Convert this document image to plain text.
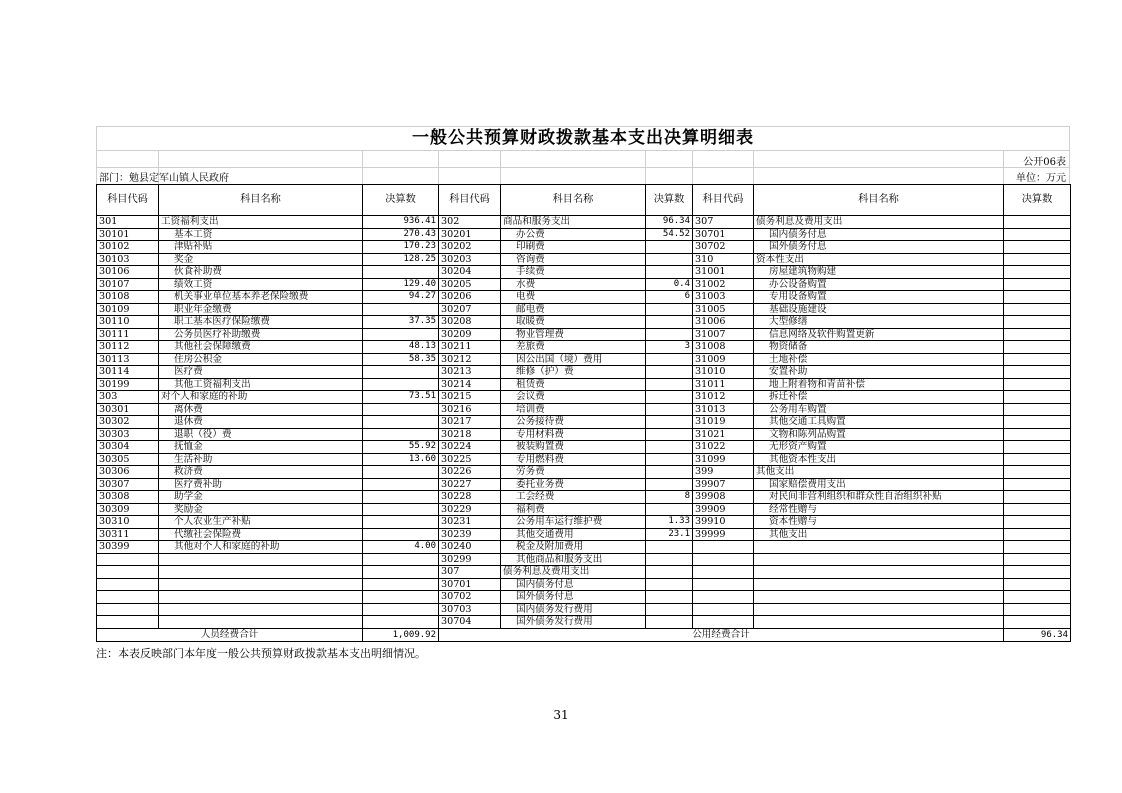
一般公共预算财政拨款基本支出决算明细表
公开06表
部门：勉县定军山镇人民政府	单位：万元
科目代码	科目名称	决算数	科目代码	科目名称	决算数	科目代码	科目名称	决算数
301	工资福利支出	936.41	302	商品和服务支出	96.34	307	债务利息及费用支出	
30101	基本工资	270.43	30201	办公费	54.52	30701	国内债务付息	
30102	津贴补贴	170.23	30202	印刷费		30702	国外债务付息	
30103	奖金	128.25	30203	咨询费		310	资本性支出	
30106	伙食补助费		30204	手续费		31001	房屋建筑物购建	
30107	绩效工资	129.40	30205	水费	0.4	31002	办公设备购置	
30108	机关事业单位基本养老保险缴费	94.27	30206	电费	6	31003	专用设备购置	
30109	职业年金缴费		30207	邮电费		31005	基础设施建设	
30110	职工基本医疗保险缴费	37.35	30208	取暖费		31006	大型修缮	
30111	公务员医疗补助缴费		30209	物业管理费		31007	信息网络及软件购置更新	
30112	其他社会保障缴费	48.13	30211	差旅费	3	31008	物资储备	
30113	住房公积金	58.35	30212	因公出国（境）费用		31009	土地补偿	
30114	医疗费		30213	维修（护）费		31010	安置补助	
30199	其他工资福利支出		30214	租赁费		31011	地上附着物和青苗补偿	
303	对个人和家庭的补助	73.51	30215	会议费		31012	拆迁补偿	
30301	离休费		30216	培训费		31013	公务用车购置	
30302	退休费		30217	公务接待费		31019	其他交通工具购置	
30303	退职（役）费		30218	专用材料费		31021	文物和陈列品购置	
30304	抚恤金	55.92	30224	被装购置费		31022	无形资产购置	
30305	生活补助	13.60	30225	专用燃料费		31099	其他资本性支出	
30306	救济费		30226	劳务费		399	其他支出	
30307	医疗费补助		30227	委托业务费		39907	国家赔偿费用支出	
30308	助学金		30228	工会经费	8	39908	对民间非营利组织和群众性自治组织补贴	
30309	奖励金		30229	福利费		39909	经常性赠与	
30310	个人农业生产补贴		30231	公务用车运行维护费	1.33	39910	资本性赠与	
30311	代缴社会保险费		30239	其他交通费用	23.1	39999	其他支出	
30399	其他对个人和家庭的补助	4.00	30240	税金及附加费用				
			30299	其他商品和服务支出				
			307	债务利息及费用支出				
			30701	国内债务付息				
			30702	国外债务付息				
			30703	国内债务发行费用				
			30704	国外债务发行费用				
人员经费合计		1,009.92	公用经费合计					96.34
注：本表反映部门本年度一般公共预算财政拨款基本支出明细情况。
31
